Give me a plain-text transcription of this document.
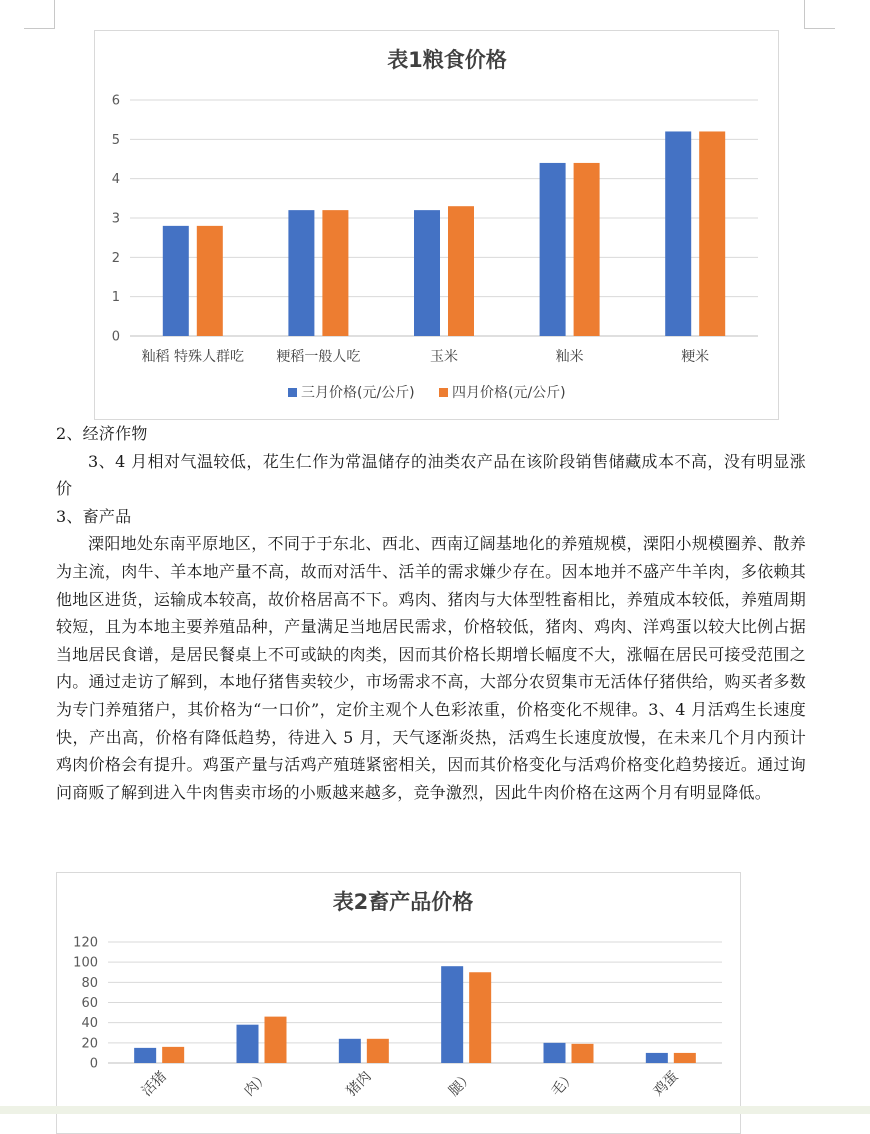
表1粮食价格
0
1
2
3
4
5
6
籼稻 特殊人群吃 粳稻一般人吃	玉米	籼米	粳米
三月价格(元/公斤)	四月价格(元/公斤)

2、经济作物

3、4 月相对气温较低，花生仁作为常温储存的油类农产品在该阶段销售储藏成本不高，没有明显涨价

3、畜产品

溧阳地处东南平原地区，不同于于东北、西北、西南辽阔基地化的养殖规模，溧阳小规模圈养、散养为主流，肉牛、羊本地产量不高，故而对活牛、活羊的需求嫌少存在。因本地并不盛产牛羊肉，多依赖其他地区进货，运输成本较高，故价格居高不下。鸡肉、猪肉与大体型牲畜相比，养殖成本较低，养殖周期较短，且为本地主要养殖品种，产量满足当地居民需求，价格较低，猪肉、鸡肉、洋鸡蛋以较大比例占据当地居民食谱，是居民餐桌上不可或缺的肉类，因而其价格长期增长幅度不大，涨幅在居民可接受范围之内。通过走访了解到，本地仔猪售卖较少，市场需求不高，大部分农贸集市无活体仔猪供给，购买者多数为专门养殖猪户，其价格为“一口价”，定价主观个人色彩浓重，价格变化不规律。3、4 月活鸡生长速度快，产出高，价格有降低趋势，待进入 5 月，天气逐渐炎热，活鸡生长速度放慢，在未来几个月内预计鸡肉价格会有提升。鸡蛋产量与活鸡产殖琏紧密相关，因而其价格变化与活鸡价格变化趋势接近。通过询问商贩了解到进入牛肉售卖市场的小贩越来越多，竞争激烈，因此牛肉价格在这两个月有明显降低。

表2畜产品价格
0
20
40
60
80
100
120
活猪	肉）	猪肉	腿）	毛）	鸡蛋
